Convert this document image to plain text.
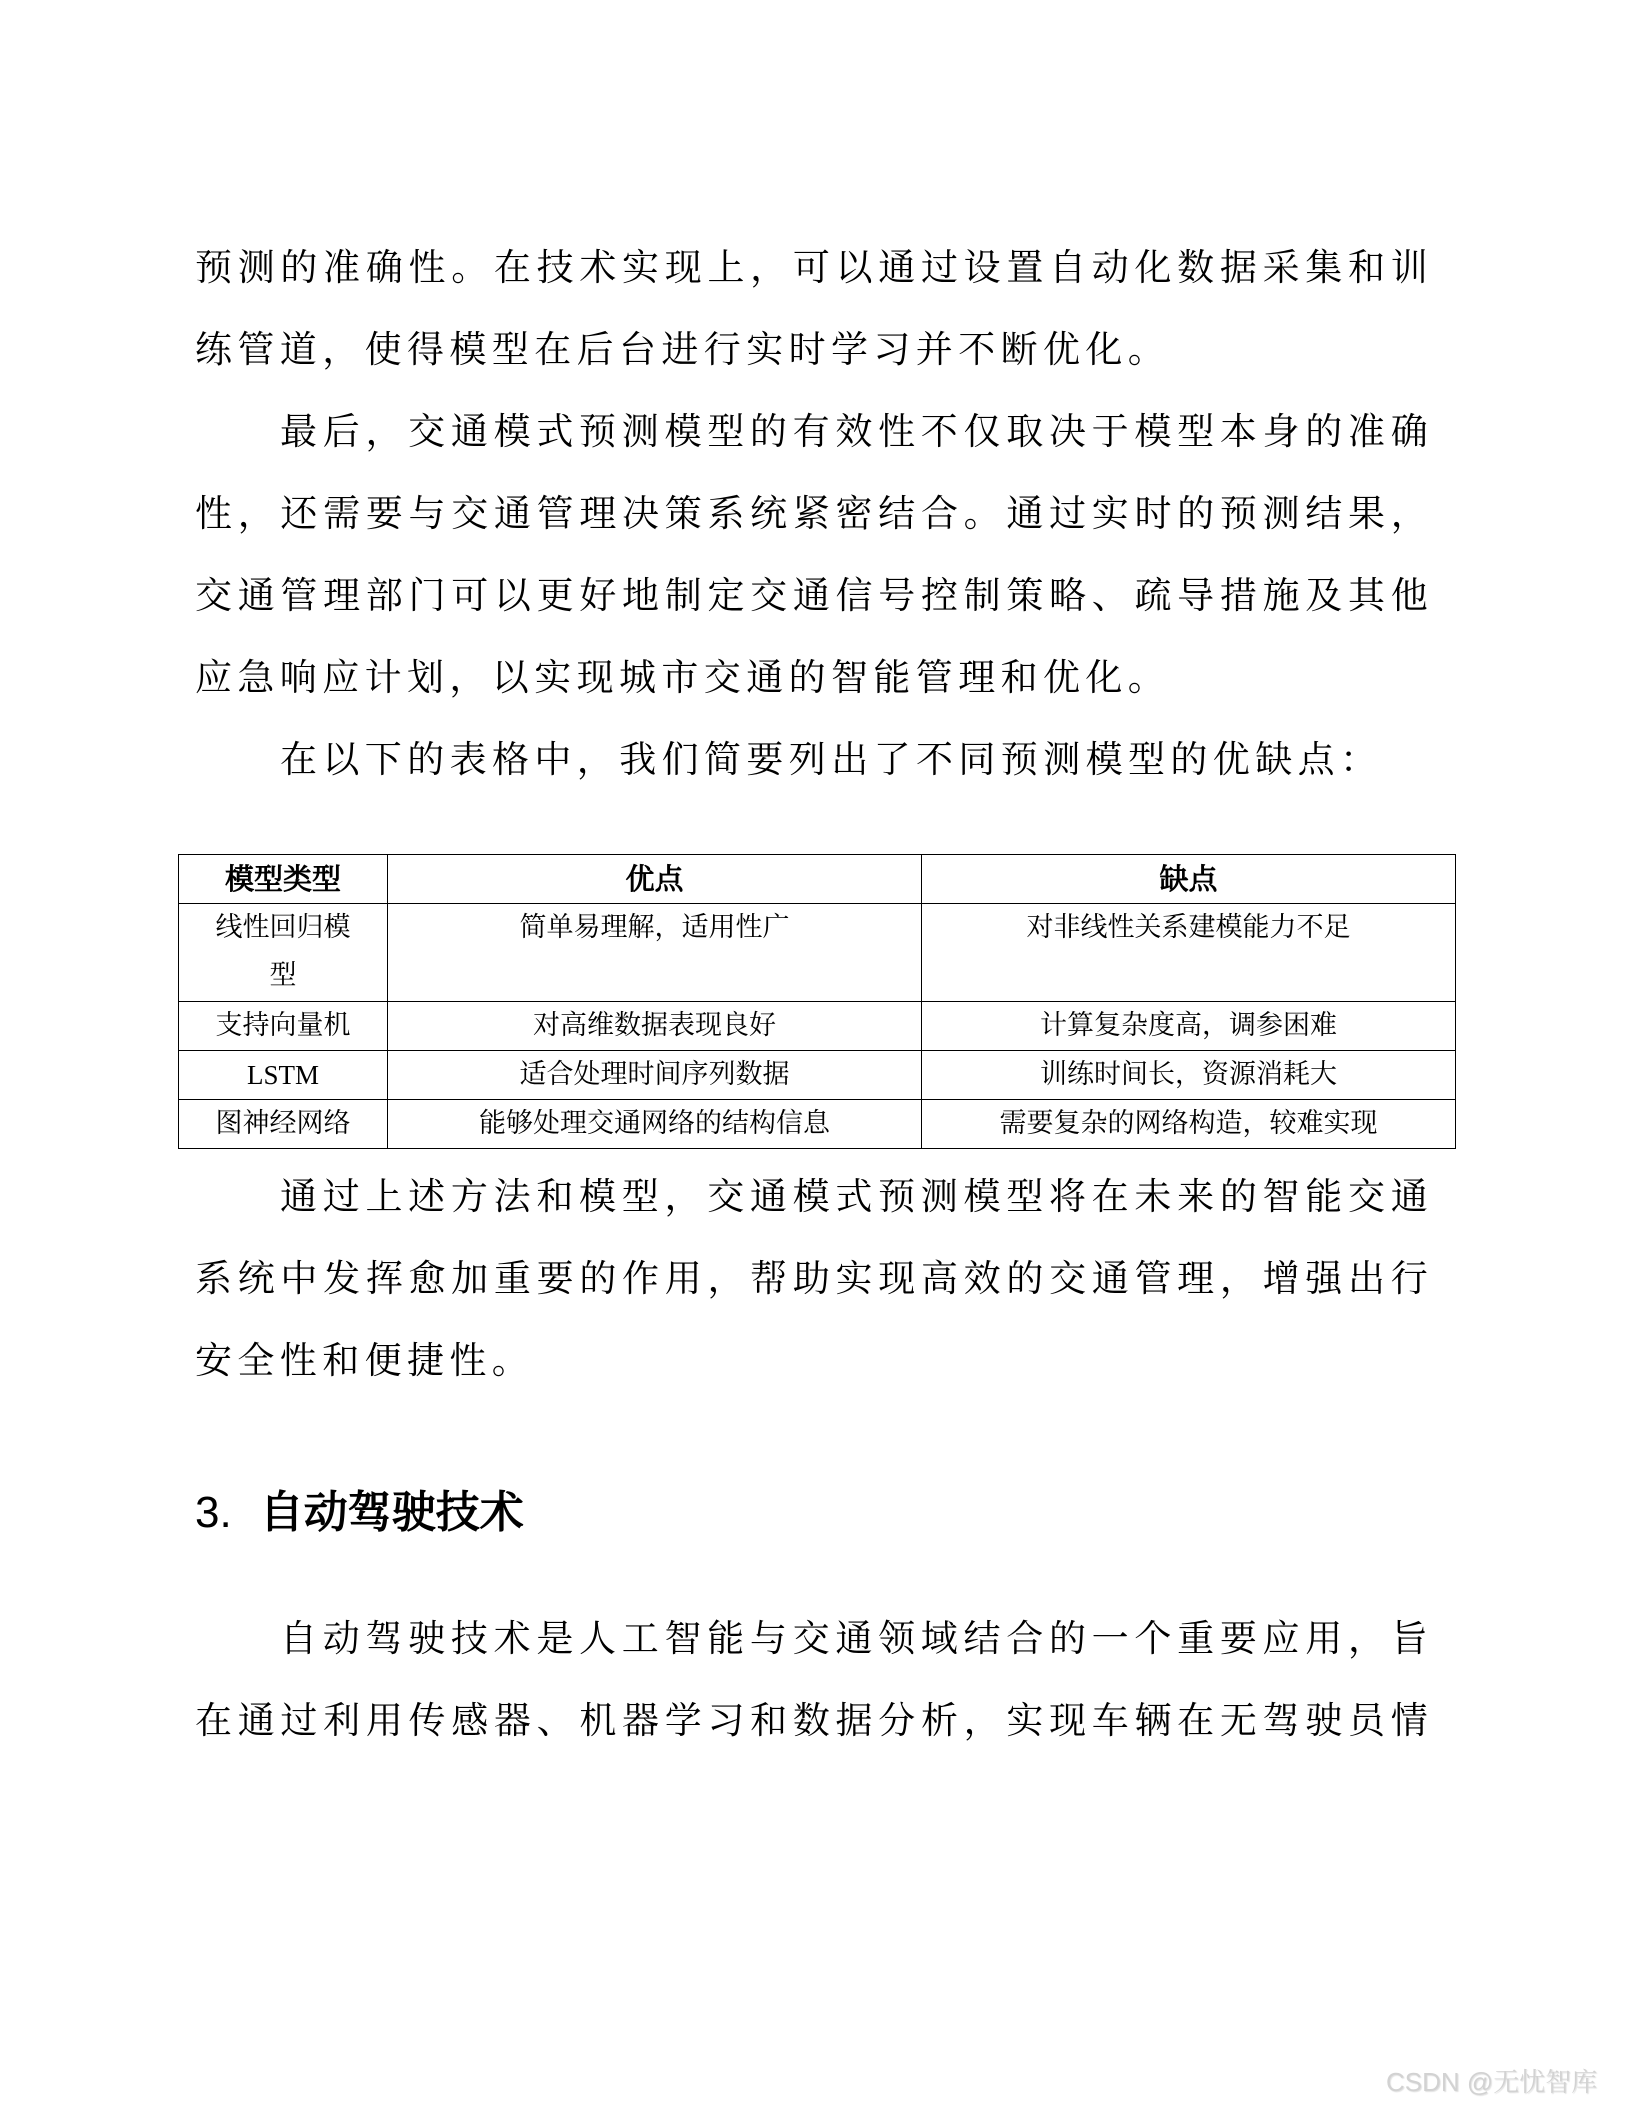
预 测 的 准 确 性 。 在 技 术 实 现 上 ， 可 以 通 过 设 置 自 动 化 数 据 采 集 和 训
练管道，使得模型在后台进行实时学习并不断优化。
最 后 ， 交 通 模 式 预 测 模 型 的 有 效 性 不 仅 取 决 于 模 型 本 身 的 准 确
性 ， 还 需 要 与 交 通 管 理 决 策 系 统 紧 密 结 合 。 通 过 实 时 的 预 测 结 果 ，
交 通 管 理 部 门 可 以 更 好 地 制 定 交 通 信 号 控 制 策 略 、 疏 导 措 施 及 其 他
应急响应计划，以实现城市交通的智能管理和优化。
在以下的表格中，我们简要列出了不同预测模型的优缺点：
模型类型	优点	缺点

线性回归模
型	简单易理解，适用性广	对非线性关系建模能力不足
支持向量机	对高维数据表现良好	计算复杂度高，调参困难
LSTM	适合处理时间序列数据	训练时间长，资源消耗大
图神经网络	能够处理交通网络的结构信息	需要复杂的网络构造，较难实现
通 过 上 述 方 法 和 模 型 ， 交 通 模 式 预 测 模 型 将 在 未 来 的 智 能 交 通
系 统 中 发 挥 愈 加 重 要 的 作 用 ， 帮 助 实 现 高 效 的 交 通 管 理 ， 增 强 出 行
安全性和便捷性。
3. 自动驾驶技术
自 动 驾 驶 技 术 是 人 工 智 能 与 交 通 领 域 结 合 的 一 个 重 要 应 用 ， 旨
在 通 过 利 用 传 感 器 、 机 器 学 习 和 数 据 分 析 ， 实 现 车 辆 在 无 驾 驶 员 情
CSDN @无忧智库
